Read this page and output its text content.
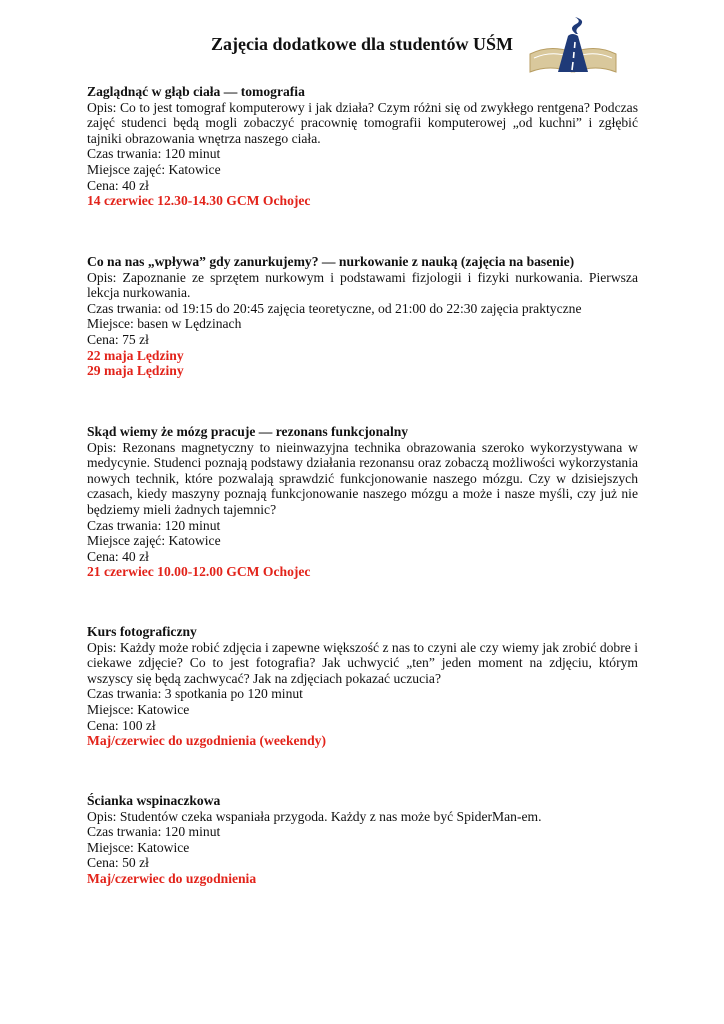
Zajęcia dodatkowe dla studentów UŚM
Zaglądnąć w głąb ciała — tomografia
Opis: Co to jest tomograf komputerowy i jak działa? Czym różni się od zwykłego rentgena? Podczas zajęć studenci będą mogli zobaczyć pracownię tomografii komputerowej „od kuchni” i zgłębić tajniki obrazowania wnętrza naszego ciała.
Czas trwania: 120 minut
Miejsce zajęć: Katowice
Cena: 40 zł
14 czerwiec 12.30-14.30 GCM Ochojec
Co na nas „wpływa” gdy zanurkujemy? — nurkowanie z nauką (zajęcia na basenie)
Opis: Zapoznanie ze sprzętem nurkowym i podstawami fizjologii i fizyki nurkowania. Pierwsza lekcja nurkowania.
Czas trwania: od 19:15 do 20:45 zajęcia teoretyczne, od 21:00 do 22:30 zajęcia praktyczne
Miejsce: basen w Lędzinach
Cena: 75 zł
22 maja Lędziny
29 maja Lędziny
Skąd wiemy że mózg pracuje — rezonans funkcjonalny
Opis: Rezonans magnetyczny to nieinwazyjna technika obrazowania szeroko wykorzystywana w medycynie. Studenci poznają podstawy działania rezonansu oraz zobaczą możliwości wykorzystania nowych technik, które pozwalają sprawdzić funkcjonowanie naszego mózgu. Czy w dzisiejszych czasach, kiedy maszyny poznają funkcjonowanie naszego mózgu a może i nasze myśli, czy już nie będziemy mieli żadnych tajemnic?
Czas trwania: 120 minut
Miejsce zajęć: Katowice
Cena: 40 zł
21 czerwiec 10.00-12.00 GCM Ochojec
Kurs fotograficzny
Opis: Każdy może robić zdjęcia i zapewne większość z nas to czyni ale czy wiemy jak zrobić dobre i ciekawe zdjęcie? Co to jest fotografia? Jak uchwycić „ten” jeden moment na zdjęciu, którym wszyscy się będą zachwycać? Jak na zdjęciach pokazać uczucia?
Czas trwania: 3 spotkania po 120 minut
Miejsce: Katowice
Cena: 100 zł
Maj/czerwiec do uzgodnienia (weekendy)
Ścianka wspinaczkowa
Opis: Studentów czeka wspaniała przygoda. Każdy z nas może być SpiderMan-em.
Czas trwania: 120 minut
Miejsce: Katowice
Cena: 50 zł
Maj/czerwiec do uzgodnienia
